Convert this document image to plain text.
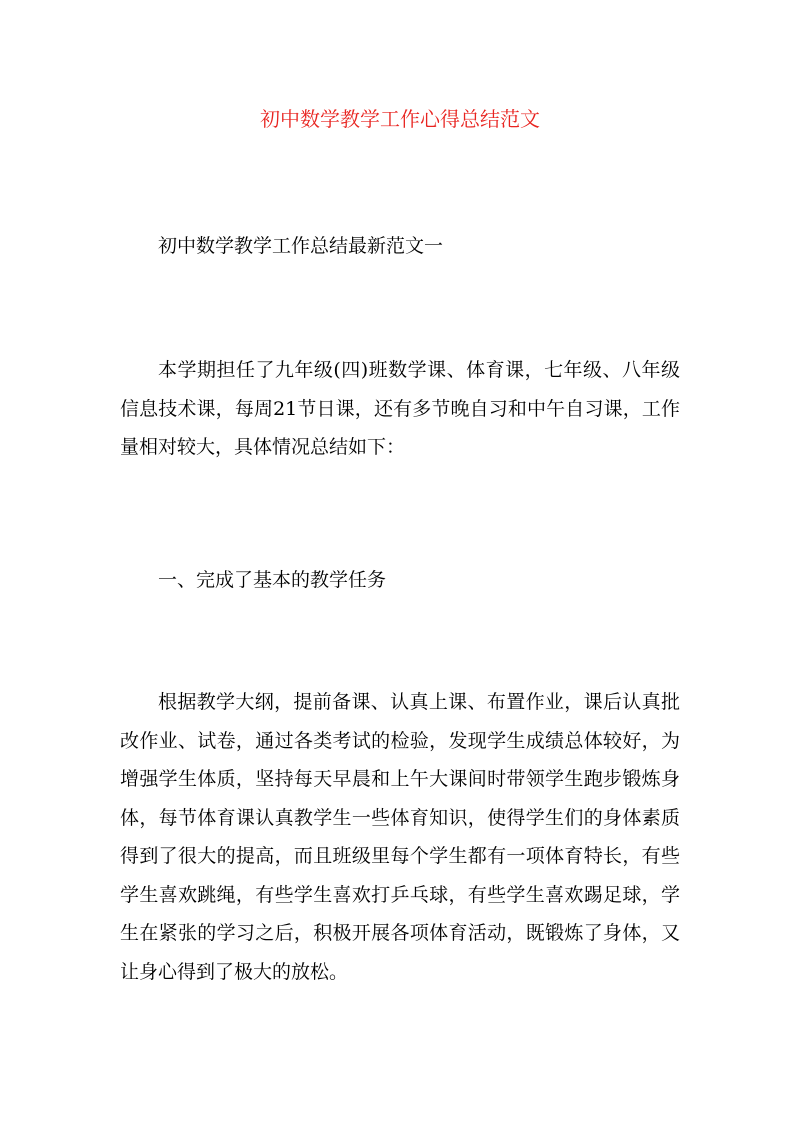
初中数学教学工作心得总结范文

初中数学教学工作总结最新范文一

本学期担任了九年级(四)班数学课、体育课，七年级、八年级信息技术课，每周21节日课，还有多节晚自习和中午自习课，工作量相对较大，具体情况总结如下：

一、完成了基本的教学任务

根据教学大纲，提前备课、认真上课、布置作业，课后认真批改作业、试卷，通过各类考试的检验，发现学生成绩总体较好，为增强学生体质，坚持每天早晨和上午大课间时带领学生跑步锻炼身体，每节体育课认真教学生一些体育知识，使得学生们的身体素质得到了很大的提高，而且班级里每个学生都有一项体育特长，有些学生喜欢跳绳，有些学生喜欢打乒乓球，有些学生喜欢踢足球，学生在紧张的学习之后，积极开展各项体育活动，既锻炼了身体，又让身心得到了极大的放松。
